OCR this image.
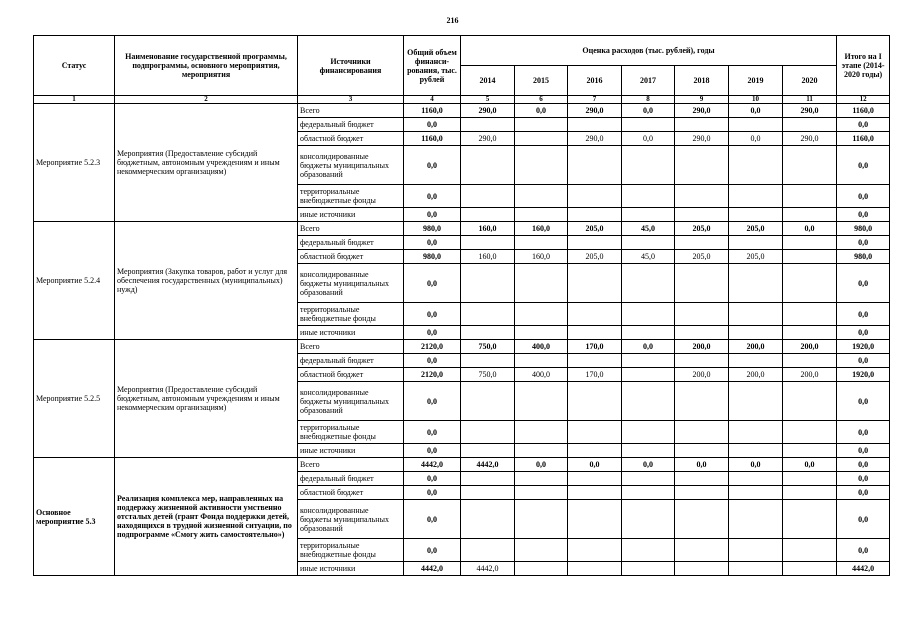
216
Статус	Наименование государственной программы, подпрограммы, основного мероприятия, мероприятия	Источники финансирования	Общий объем финанси-рования, тыс. рублей	Оценка расходов (тыс. рублей), годы							Итого на I этапе (2014-2020 годы)
				2014	2015	2016	2017	2018	2019	2020	
1	2	3	4	5	6	7	8	9	10	11	12
Мероприятие 5.2.3	Мероприятия (Предоставление субсидий бюджетным, автономным учреждениям и иным некоммерческим организациям)	Всего	1160,0	290,0	0,0	290,0	0,0	290,0	0,0	290,0	1160,0
		федеральный бюджет	0,0								0,0
		областной бюджет	1160,0	290,0		290,0	0,0	290,0	0,0	290,0	1160,0
		консолидированные бюджеты муниципальных образований	0,0								0,0
		территориальные внебюджетные фонды	0,0								0,0
		иные источники	0,0								0,0
Мероприятие 5.2.4	Мероприятия (Закупка товаров, работ и услуг для обеспечения государственных (муниципальных) нужд)	Всего	980,0	160,0	160,0	205,0	45,0	205,0	205,0	0,0	980,0
		федеральный бюджет	0,0								0,0
		областной бюджет	980,0	160,0	160,0	205,0	45,0	205,0	205,0		980,0
		консолидированные бюджеты муниципальных образований	0,0								0,0
		территориальные внебюджетные фонды	0,0								0,0
		иные источники	0,0								0,0
Мероприятие 5.2.5	Мероприятия (Предоставление субсидий бюджетным, автономным учреждениям и иным некоммерческим организациям)	Всего	2120,0	750,0	400,0	170,0	0,0	200,0	200,0	200,0	1920,0
		федеральный бюджет	0,0								0,0
		областной бюджет	2120,0	750,0	400,0	170,0		200,0	200,0	200,0	1920,0
		консолидированные бюджеты муниципальных образований	0,0								0,0
		территориальные внебюджетные фонды	0,0								0,0
		иные источники	0,0								0,0
Основное мероприятие 5.3	Реализация комплекса мер, направленных на поддержку жизненной активности умственно отсталых детей (грант Фонда поддержки детей, находящихся в трудной жизненной ситуации, по подпрограмме «Смогу жить самостоятельно»)	Всего	4442,0	4442,0	0,0	0,0	0,0	0,0	0,0	0,0	0,0
		федеральный бюджет	0,0								0,0
		областной бюджет	0,0								0,0
		консолидированные бюджеты муниципальных образований	0,0								0,0
		территориальные внебюджетные фонды	0,0								0,0
		иные источники	4442,0	4442,0							4442,0
